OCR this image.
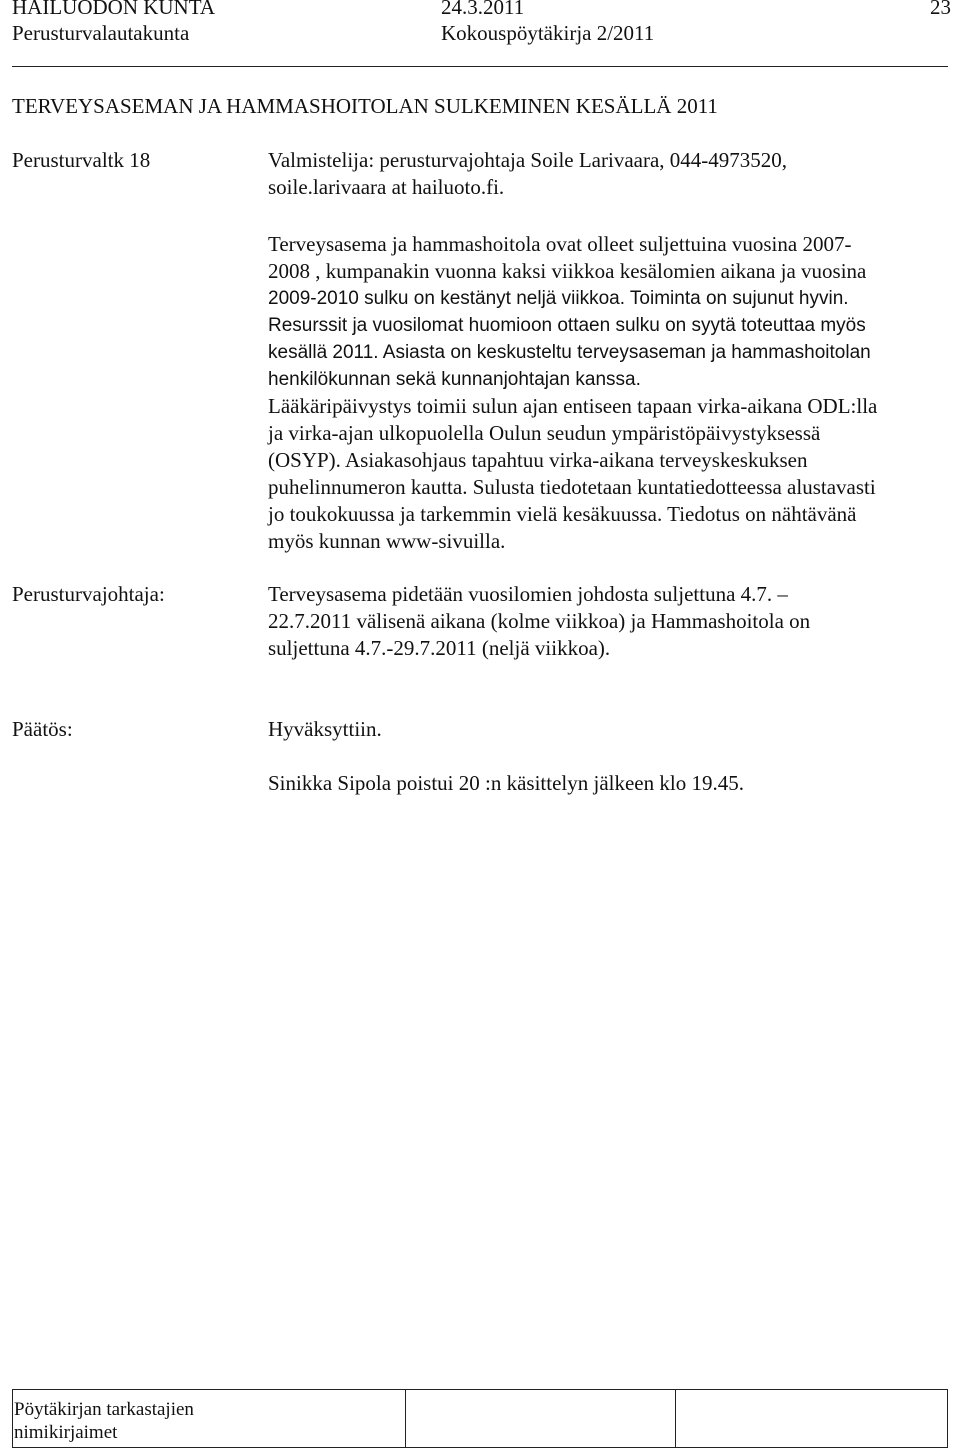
HAILUODON KUNTA	24.3.2011	23
Perusturvalautakunta	Kokouspöytäkirja 2/2011
TERVEYSASEMAN JA HAMMASHOITOLAN SULKEMINEN KESÄLLÄ 2011
Perusturvaltk 18	Valmistelija: perusturvajohtaja Soile Larivaara, 044-4973520,
soile.larivaara at hailuoto.fi.
Terveysasema ja hammashoitola ovat olleet suljettuina vuosina 2007-
2008 , kumpanakin vuonna kaksi viikkoa kesälomien aikana ja vuosina
2009-2010 sulku on kestänyt neljä viikkoa. Toiminta on sujunut hyvin.
Resurssit ja vuosilomat huomioon ottaen sulku on syytä toteuttaa myös
kesällä 2011. Asiasta on keskusteltu terveysaseman ja hammashoitolan
henkilökunnan sekä kunnanjohtajan kanssa.
Lääkäripäivystys toimii sulun ajan entiseen tapaan virka-aikana ODL:lla
ja virka-ajan ulkopuolella Oulun seudun ympäristöpäivystyksessä
(OSYP). Asiakasohjaus tapahtuu virka-aikana terveyskeskuksen
puhelinnumeron kautta. Sulusta tiedotetaan kuntatiedotteessa alustavasti
jo toukokuussa ja tarkemmin vielä kesäkuussa. Tiedotus on nähtävänä
myös kunnan www-sivuilla.
Perusturvajohtaja:	Terveysasema pidetään vuosilomien johdosta suljettuna 4.7. –
22.7.2011 välisenä aikana (kolme viikkoa) ja Hammashoitola on
suljettuna 4.7.-29.7.2011 (neljä viikkoa).
Päätös:	Hyväksyttiin.
Sinikka Sipola poistui 20 :n käsittelyn jälkeen klo 19.45.
Pöytäkirjan tarkastajien
nimikirjaimet
